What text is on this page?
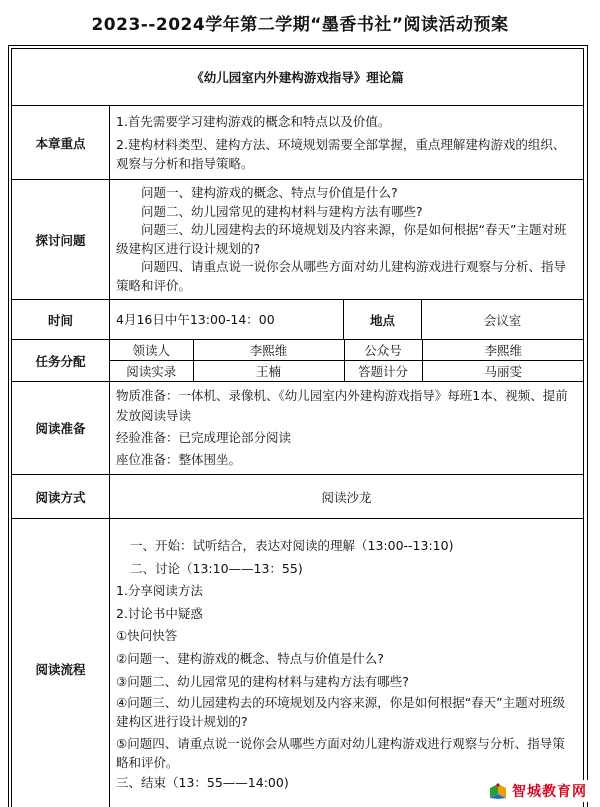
2023--2024学年第二学期“墨香书社”阅读活动预案
《幼儿园室内外建构游戏指导》理论篇
本章重点	

1.首先需要学习建构游戏的概念和特点以及价值。

2.建构材料类型、建构方法、环境规划需要全部掌握，重点理解建构游戏的组织、观察与分析和指导策略。

探讨问题	

问题一、建构游戏的概念、特点与价值是什么?

问题二、幼儿园常见的建构材料与建构方法有哪些?

问题三、幼儿园建构去的环境规划及内容来源，你是如何根据“春天”主题对班级建构区进行设计规划的?

问题四、请重点说一说你会从哪些方面对幼儿建构游戏进行观察与分析、指导策略和评价。

时间	4月16日中午13:00-14：00	地点	会议室
任务分配	
领读人	李熙维	公众号	李熙维
阅读实录	王楠	答题计分	马丽雯

阅读准备	

物质准备：一体机、录像机、《幼儿园室内外建构游戏指导》每班1本、视频、提前发放阅读导读

经验准备：已完成理论部分阅读

座位准备：整体围坐。

阅读方式	阅读沙龙
阅读流程	

一、开始：试听结合，表达对阅读的理解（13:00--13:10)

二、讨论（13:10——13：55)

1.分享阅读方法

2.讨论书中疑惑

①快问快答

②问题一、建构游戏的概念、特点与价值是什么?

③问题二、幼儿园常见的建构材料与建构方法有哪些?

④问题三、幼儿园建构去的环境规划及内容来源，你是如何根据“春天”主题对班级建构区进行设计规划的?

⑤问题四、请重点说一说你会从哪些方面对幼儿建构游戏进行观察与分析、指导策略和评价。

三、结束（13：55——14:00)

智城教育网
